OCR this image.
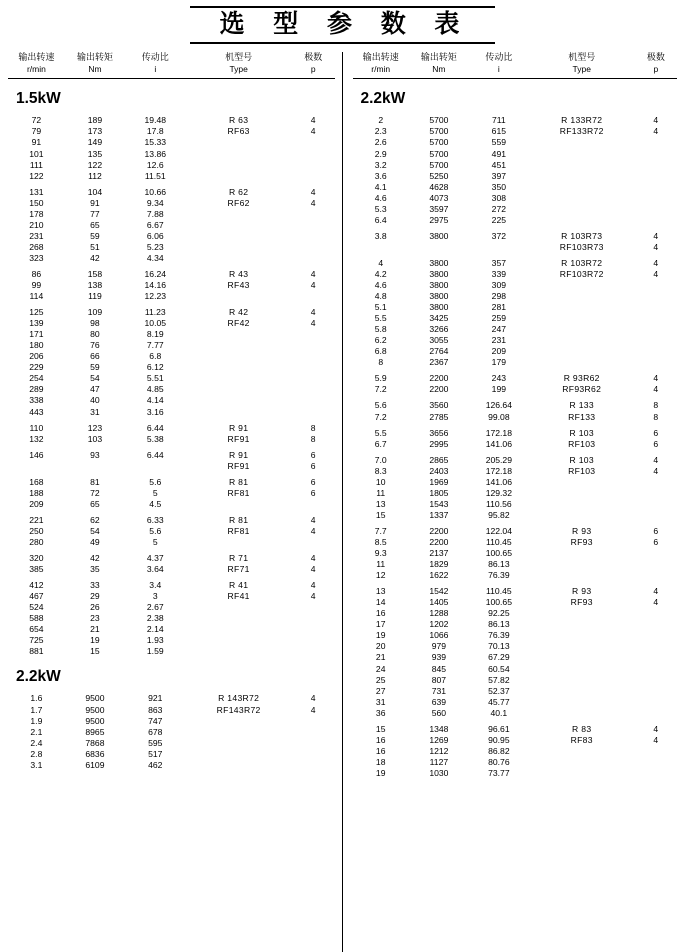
选 型 参 数 表
输出转速	输出转矩	传动比	机型号	极数
r/min	Nm	i	Type	p
1.5kW
72	189	19.48	R 63	4
79	173	17.8	RF63	4
91	149	15.33		
101	135	13.86		
111	122	12.6		
122	112	11.51		

131	104	10.66	R 62	4
150	91	9.34	RF62	4
178	77	7.88		
210	65	6.67		
231	59	6.06		
268	51	5.23		
323	42	4.34		

86	158	16.24	R 43	4
99	138	14.16	RF43	4
114	119	12.23		

125	109	11.23	R 42	4
139	98	10.05	RF42	4
171	80	8.19		
180	76	7.77		
206	66	6.8		
229	59	6.12		
254	54	5.51		
289	47	4.85		
338	40	4.14		
443	31	3.16		

110	123	6.44	R 91	8
132	103	5.38	RF91	8

146	93	6.44	R 91	6
			RF91	6

168	81	5.6	R 81	6
188	72	5	RF81	6
209	65	4.5		

221	62	6.33	R 81	4
250	54	5.6	RF81	4
280	49	5		

320	42	4.37	R 71	4
385	35	3.64	RF71	4

412	33	3.4	R 41	4
467	29	3	RF41	4
524	26	2.67		
588	23	2.38		
654	21	2.14		
725	19	1.93		
881	15	1.59		
2.2kW
1.6	9500	921	R 143R72	4
1.7	9500	863	RF143R72	4
1.9	9500	747		
2.1	8965	678		
2.4	7868	595		
2.8	6836	517		
3.1	6109	462		
输出转速	输出转矩	传动比	机型号	极数
r/min	Nm	i	Type	p
2.2kW
2	5700	711	R 133R72	4
2.3	5700	615	RF133R72	4
2.6	5700	559		
2.9	5700	491		
3.2	5700	451		
3.6	5250	397		
4.1	4628	350		
4.6	4073	308		
5.3	3597	272		
6.4	2975	225		

3.8	3800	372	R 103R73	4
			RF103R73	4

4	3800	357	R 103R72	4
4.2	3800	339	RF103R72	4
4.6	3800	309		
4.8	3800	298		
5.1	3800	281		
5.5	3425	259		
5.8	3266	247		
6.2	3055	231		
6.8	2764	209		
8	2367	179		

5.9	2200	243	R 93R62	4
7.2	2200	199	RF93R62	4

5.6	3560	126.64	R 133	8
7.2	2785	99.08	RF133	8

5.5	3656	172.18	R 103	6
6.7	2995	141.06	RF103	6

7.0	2865	205.29	R 103	4
8.3	2403	172.18	RF103	4
10	1969	141.06		
11	1805	129.32		
13	1543	110.56		
15	1337	95.82		

7.7	2200	122.04	R 93	6
8.5	2200	110.45	RF93	6
9.3	2137	100.65		
11	1829	86.13		
12	1622	76.39		

13	1542	110.45	R 93	4
14	1405	100.65	RF93	4
16	1288	92.25		
17	1202	86.13		
19	1066	76.39		
20	979	70.13		
21	939	67.29		
24	845	60.54		
25	807	57.82		
27	731	52.37		
31	639	45.77		
36	560	40.1		

15	1348	96.61	R 83	4
16	1269	90.95	RF83	4
16	1212	86.82		
18	1127	80.76		
19	1030	73.77		
